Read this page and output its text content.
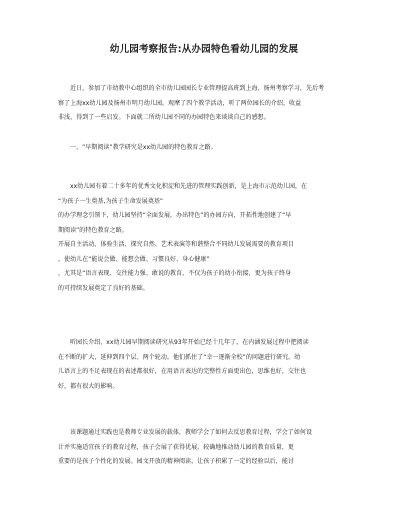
幼儿园考察报告:从办园特色看幼儿园的发展
近日，参加了市幼教中心组织的全市幼儿园园长专业管理提高班到上海、扬州考察学习，先后考
察了上海xx幼儿园及扬州市明月幼儿园。观摩了四个教学活动，听了两位园长的介绍，收益
非浅，得到了一些启发。下面就二所幼儿园不同的办园特色来谈谈自己的感想。
一、“早期阅读”教学研究是xx幼儿园的特色教育之路。
xx幼儿园有着二十多年的优秀文化积淀和先进的管理实践创新，是上海市示范幼儿园，在
“为孩子一生奠基,为孩子生命发展奠基”
的办学理念引领下，幼儿园坚持“全面发展，办出特色”的办园方向，开拓性地创建了“早
期阅读”的特色教育之路。
开展自主活动、体验生活、探究自然、艺术表演等和谐整合不同幼儿发展需要的教育项目
，使幼儿在“能说会做、能想会做、习惯良好、身心健康”
，尤其是“语言表现、交往能力强、敢说的教育，不仅为孩子的幼小衔接，更为孩子终身
的可持续发展奠定了良好的基础。
听园长介绍，xx幼儿园早期阅读研究从93年开始已经十几年了，在内涵发展过程中把阅读
在不断的扩大，延伸到四个层、两个轮动。他们抓住了“幸一逐渐全校”的问题进行研究。幼
儿语言上的不足表现在的表述都很好，在用语言表达的完整性方面更出色，思维也好，交往也
好，都有很大的影响。
该课题通过实践也是教师专业发展的载体，教师学会了如何去反思教育过程，学会了如何设
计并实施适宜孩子的教育过程，孩子会展了获得优展，较确地推动幼儿园的教育质量，更
重要的是孩子个性化的发展。园文开放的精神阅读，让孩子积累了一定的经验以后，能讨
